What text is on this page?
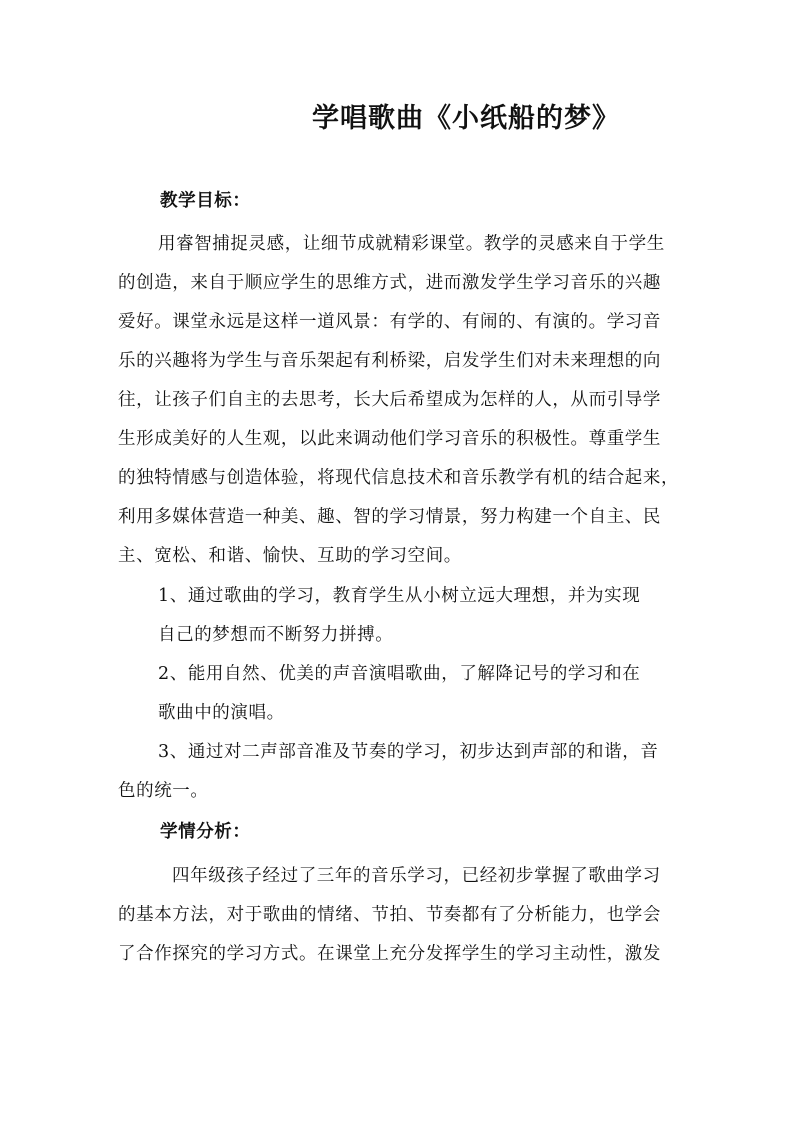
学唱歌曲《小纸船的梦》
教学目标：
用睿智捕捉灵感，让细节成就精彩课堂。教学的灵感来自于学生
的创造，来自于顺应学生的思维方式，进而激发学生学习音乐的兴趣
爱好。课堂永远是这样一道风景：有学的、有闹的、有演的。学习音
乐的兴趣将为学生与音乐架起有利桥梁，启发学生们对未来理想的向
往，让孩子们自主的去思考，长大后希望成为怎样的人，从而引导学
生形成美好的人生观，以此来调动他们学习音乐的积极性。尊重学生
的独特情感与创造体验，将现代信息技术和音乐教学有机的结合起来，
利用多媒体营造一种美、趣、智的学习情景，努力构建一个自主、民
主、宽松、和谐、愉快、互助的学习空间。
1、通过歌曲的学习，教育学生从小树立远大理想，并为实现
自己的梦想而不断努力拼搏。
2、能用自然、优美的声音演唱歌曲，了解降记号的学习和在
歌曲中的演唱。
3、通过对二声部音准及节奏的学习，初步达到声部的和谐，音
色的统一。
学情分析：
四年级孩子经过了三年的音乐学习，已经初步掌握了歌曲学习
的基本方法，对于歌曲的情绪、节拍、节奏都有了分析能力，也学会
了合作探究的学习方式。在课堂上充分发挥学生的学习主动性，激发
